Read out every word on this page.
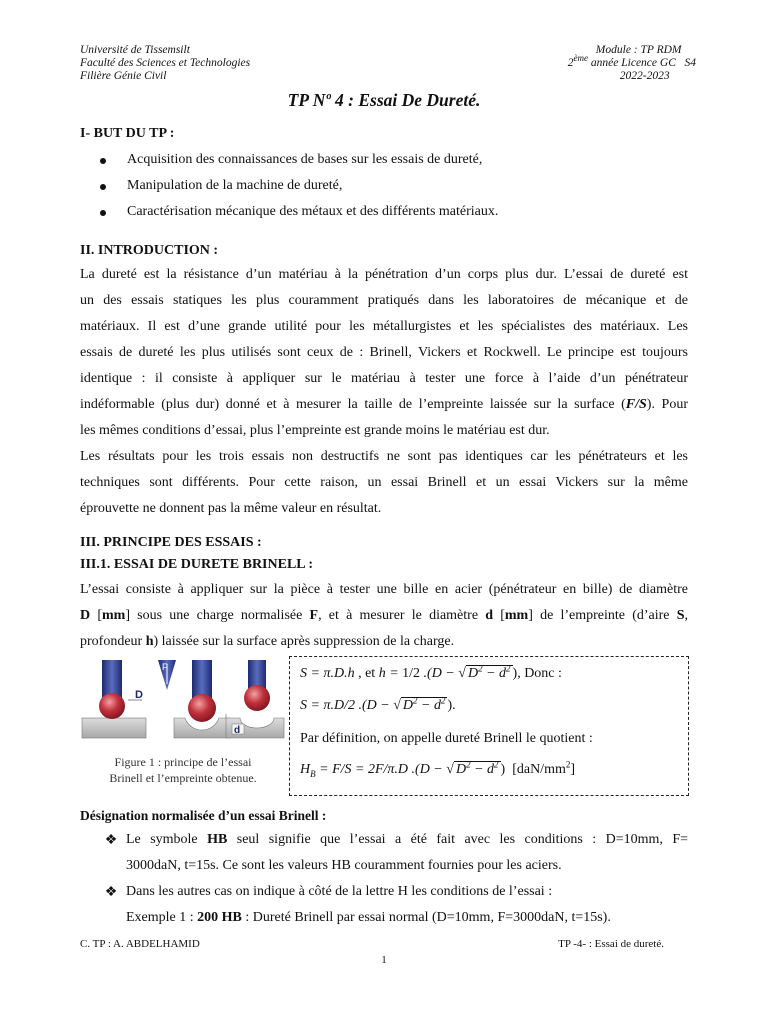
Université de Tissemsilt
Faculté des Sciences et Technologies
Filière Génie Civil
Module : TP RDM
2ème année Licence GC   S4
2022-2023
TP Nº 4 : Essai De Dureté.
I- BUT DU TP :
Acquisition des connaissances de bases sur les essais de dureté,
Manipulation de la machine de dureté,
Caractérisation mécanique des métaux et des différents matériaux.
II. INTRODUCTION :
La dureté est la résistance d’un matériau à la pénétration d’un corps plus dur. L’essai de dureté est
un des essais statiques les plus couramment pratiqués dans les laboratoires de mécanique et de
matériaux. Il est d’une grande utilité pour les métallurgistes et les spécialistes des matériaux. Les
essais de dureté les plus utilisés sont ceux de : Brinell, Vickers et Rockwell. Le principe est toujours
identique : il consiste à appliquer sur le matériau à tester une force à l’aide d’un pénétrateur
indéformable (plus dur) donné et à mesurer la taille de l’empreinte laissée sur la surface (F/S). Pour
les mêmes conditions d’essai, plus l’empreinte est grande moins le matériau est dur.
Les résultats pour les trois essais non destructifs ne sont pas identiques car les pénétrateurs et les
techniques sont différents. Pour cette raison, un essai Brinell et un essai Vickers sur la même
éprouvette ne donnent pas la même valeur en résultat.
III. PRINCIPE DES ESSAIS :
III.1. ESSAI DE DURETE BRINELL :
L’essai consiste à appliquer sur la pièce à tester une bille en acier (pénétrateur en bille) de diamètre
D [mm] sous une charge normalisée F, et à mesurer le diamètre d [mm] de l’empreinte (d’aire S,
profondeur h) laissée sur la surface après suppression de la charge.
D
F
d
Figure 1 : principe de l’essai
Brinell et l’empreinte obtenue.
S = π.D.h , et h = 1/2 .(D − √ $D^2 - d^2$ ), Donc :
S = π.D/2 .(D − √ $D^2 - d^2$ ).
Par définition, on appelle dureté Brinell le quotient :
$H_B = F/S = 2F/\pi.D$ .(D − √ $D^2 - d^2$ ) $[daN/mm^2]$
Désignation normalisée d’un essai Brinell :
❖ Le symbole HB seul signifie que l’essai a été fait avec les conditions : D=10mm, F=
3000daN, t=15s. Ce sont les valeurs HB couramment fournies pour les aciers.
❖ Dans les autres cas on indique à côté de la lettre H les conditions de l’essai :
Exemple 1 : 200 HB : Dureté Brinell par essai normal (D=10mm, F=3000daN, t=15s).
C. TP : A. ABDELHAMID	TP -4- : Essai de dureté.
1
